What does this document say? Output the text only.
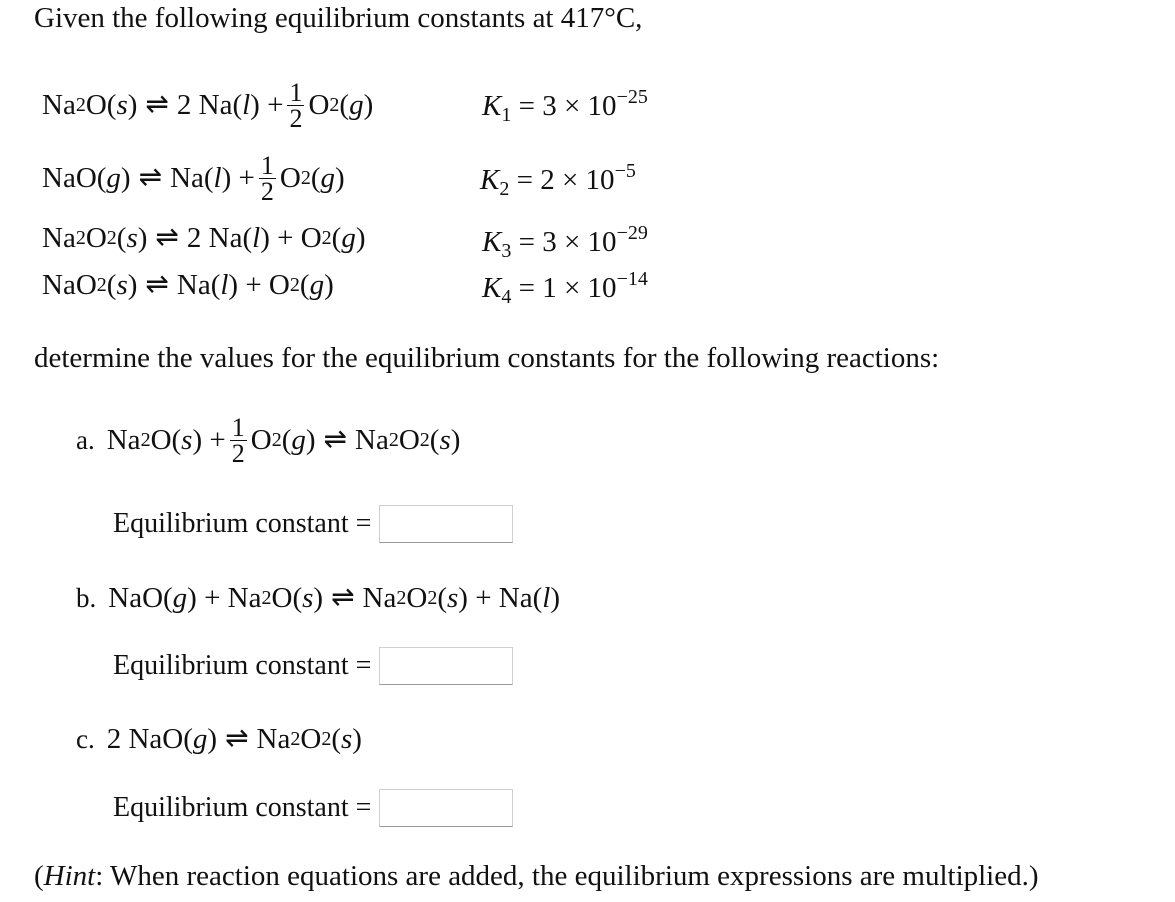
Given the following equilibrium constants at 417°C,
Na 2 O( s ) ⇌ 2 Na( l ) + $\frac{1}{2}$ O 2 ( g )	$K_1 = 3 \times 10^{-25}$
NaO( g ) ⇌ Na( l ) + $\frac{1}{2}$ O 2 ( g )	$K_2 = 2 \times 10^{-5}$
Na 2 O 2 ( s ) ⇌ 2 Na( l ) + O 2 ( g )	$K_3 = 3 \times 10^{-29}$
NaO 2 ( s ) ⇌ Na( l ) + O 2 ( g )	$K_4 = 1 \times 10^{-14}$
determine the values for the equilibrium constants for the following reactions:
a. Na 2 O( s ) + $\frac{1}{2}$ O 2 ( g ) ⇌ Na 2 O 2 ( s )
Equilibrium constant =
b. NaO( g ) + Na 2 O( s ) ⇌ Na 2 O 2 ( s ) + Na( l )
Equilibrium constant =
c. 2 NaO( g ) ⇌ Na 2 O 2 ( s )
Equilibrium constant =
(Hint: When reaction equations are added, the equilibrium expressions are multiplied.)
